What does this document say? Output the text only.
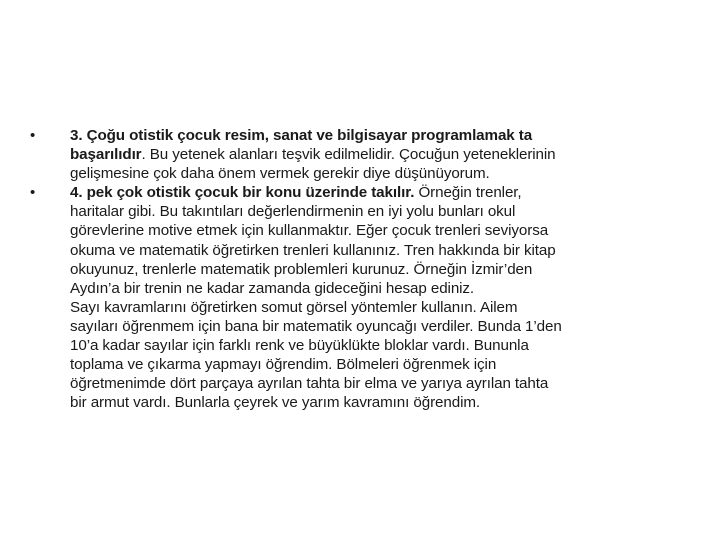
•	3. Çoğu otistik çocuk resim, sanat ve bilgisayar programlamak ta
başarılıdır. Bu yetenek alanları teşvik edilmelidir. Çocuğun yeteneklerinin
gelişmesine çok daha önem vermek gerekir diye düşünüyorum.
•	4. pek çok otistik çocuk bir konu üzerinde takılır. Örneğin trenler,
haritalar gibi. Bu takıntıları değerlendirmenin en iyi yolu bunları okul
görevlerine motive etmek için kullanmaktır. Eğer çocuk trenleri seviyorsa
okuma ve matematik öğretirken trenleri kullanınız. Tren hakkında bir kitap
okuyunuz, trenlerle matematik problemleri kurunuz. Örneğin İzmir’den
Aydın’a bir trenin ne kadar zamanda gideceğini hesap ediniz.
Sayı kavramlarını öğretirken somut görsel yöntemler kullanın. Ailem
sayıları öğrenmem için bana bir matematik oyuncağı verdiler. Bunda 1’den
10’a kadar sayılar için farklı renk ve büyüklükte bloklar vardı. Bununla
toplama ve çıkarma yapmayı öğrendim. Bölmeleri öğrenmek için
öğretmenimde dört parçaya ayrılan tahta bir elma ve yarıya ayrılan tahta
bir armut vardı. Bunlarla çeyrek ve yarım kavramını öğrendim.
